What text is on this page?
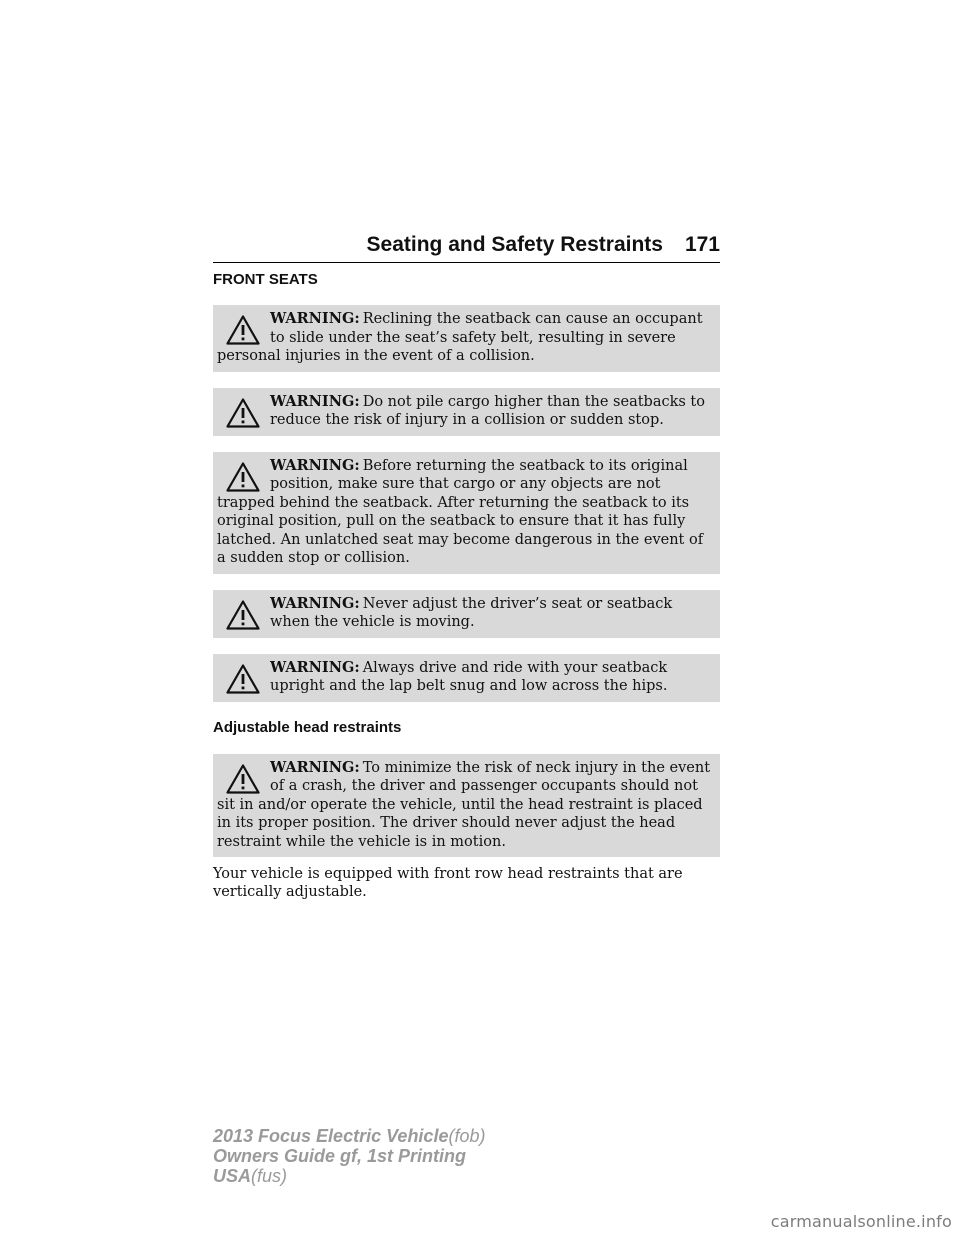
Seating and Safety Restraints 171
FRONT SEATS
WARNING: Reclining the seatback can cause an occupant to slide under the seat’s safety belt, resulting in severe personal injuries in the event of a collision.
WARNING: Do not pile cargo higher than the seatbacks to reduce the risk of injury in a collision or sudden stop.
WARNING: Before returning the seatback to its original position, make sure that cargo or any objects are not trapped behind the seatback. After returning the seatback to its original position, pull on the seatback to ensure that it has fully latched. An unlatched seat may become dangerous in the event of a sudden stop or collision.
WARNING: Never adjust the driver’s seat or seatback when the vehicle is moving.
WARNING: Always drive and ride with your seatback upright and the lap belt snug and low across the hips.
Adjustable head restraints
WARNING: To minimize the risk of neck injury in the event of a crash, the driver and passenger occupants should not sit in and/or operate the vehicle, until the head restraint is placed in its proper position. The driver should never adjust the head restraint while the vehicle is in motion.
Your vehicle is equipped with front row head restraints that are vertically adjustable.
2013 Focus Electric Vehicle(fob)
Owners Guide gf, 1st Printing
USA(fus)
carmanualsonline.info
